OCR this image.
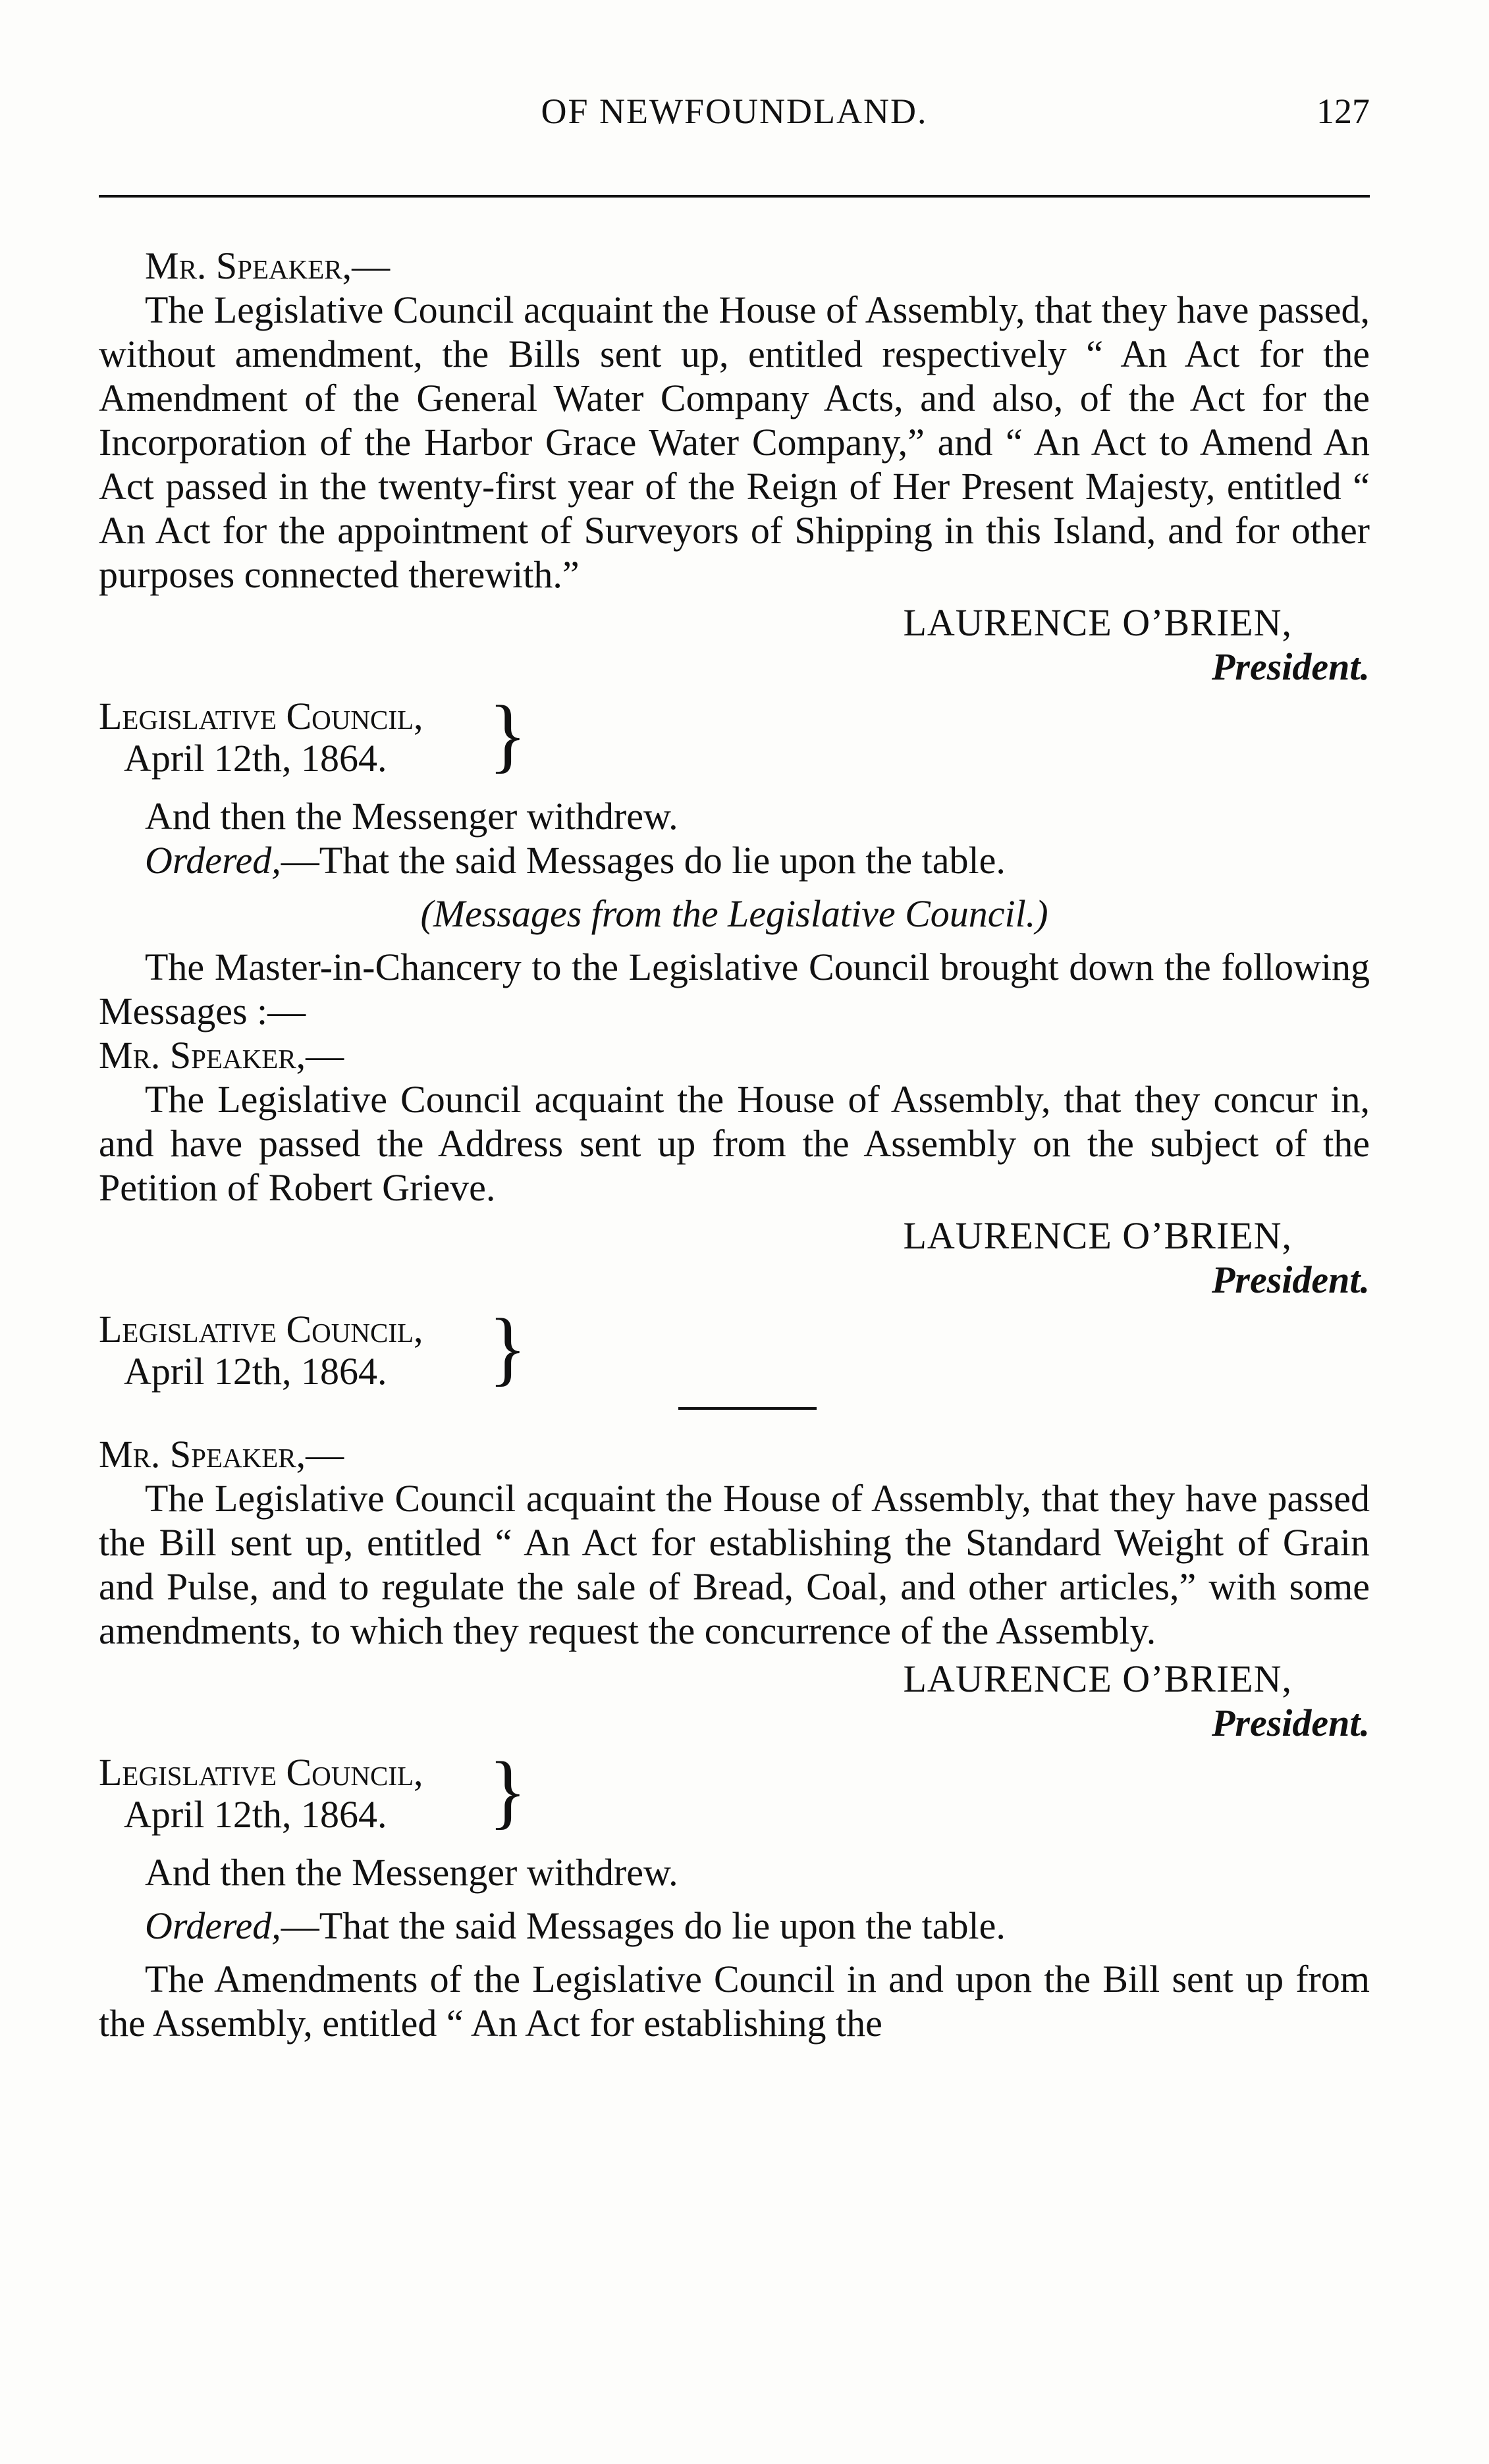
OF NEWFOUNDLAND.	127

Mr. Speaker,—

The Legislative Council acquaint the House of Assembly, that they have passed, without amendment, the Bills sent up, entitled respectively “ An Act for the Amendment of the General Water Company Acts, and also, of the Act for the Incorporation of the Harbor Grace Water Company,” and “ An Act to Amend An Act passed in the twenty-first year of the Reign of Her Present Majesty, entitled “ An Act for the appointment of Surveyors of Shipping in this Island, and for other purposes connected therewith.”

LAURENCE O’BRIEN,

President.

Legislative Council,
April 12th, 1864.	}

And then the Messenger withdrew.

Ordered,—That the said Messages do lie upon the table.

(Messages from the Legislative Council.)

The Master-in-Chancery to the Legislative Council brought down the following Messages :—

Mr. Speaker,—

The Legislative Council acquaint the House of Assembly, that they concur in, and have passed the Address sent up from the Assembly on the subject of the Petition of Robert Grieve.

LAURENCE O’BRIEN,

President.

Legislative Council,
April 12th, 1864.	}

Mr. Speaker,—

The Legislative Council acquaint the House of Assembly, that they have passed the Bill sent up, entitled “ An Act for establishing the Standard Weight of Grain and Pulse, and to regulate the sale of Bread, Coal, and other articles,” with some amendments, to which they request the concurrence of the Assembly.

LAURENCE O’BRIEN,

President.

Legislative Council,
April 12th, 1864.	}

And then the Messenger withdrew.

Ordered,—That the said Messages do lie upon the table.

The Amendments of the Legislative Council in and upon the Bill sent up from the Assembly, entitled “ An Act for establishing the
